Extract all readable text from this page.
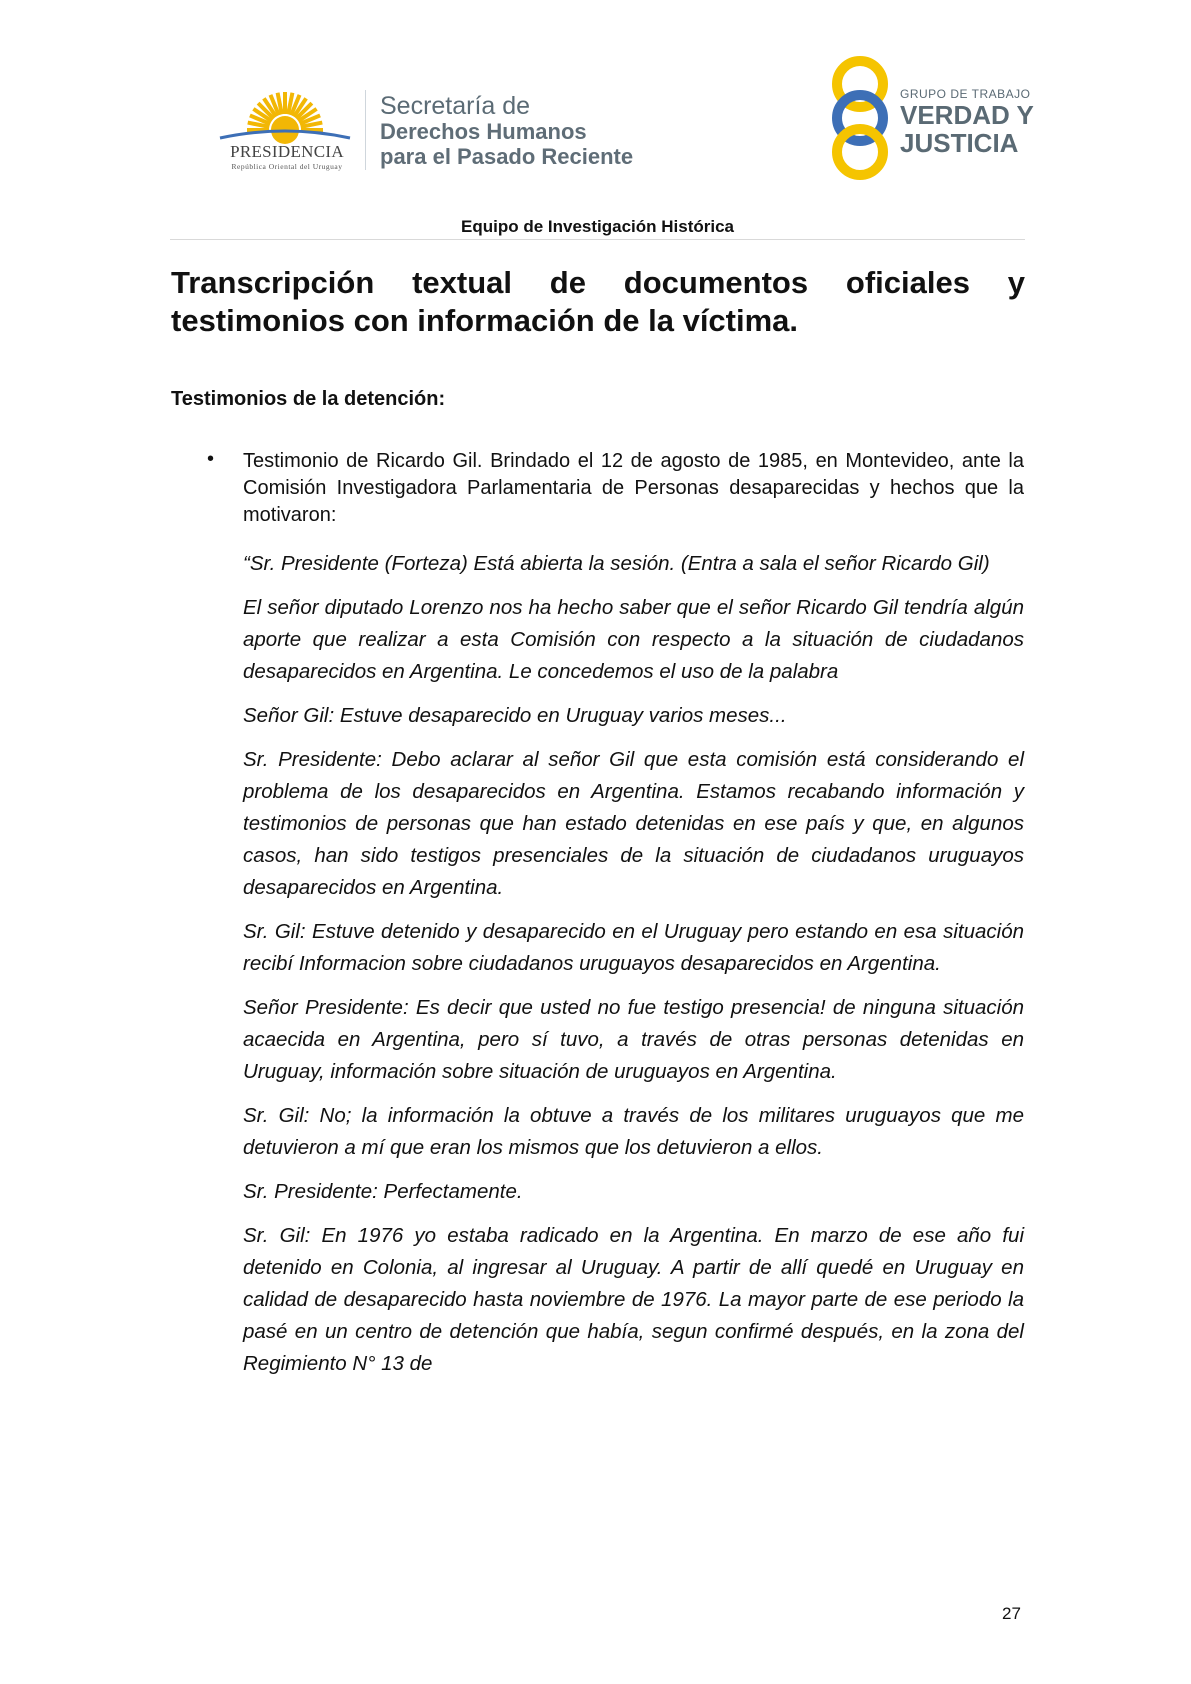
PRESIDENCIA
República Oriental del Uruguay
Secretaría de
Derechos Humanos
para el Pasado Reciente
GRUPO DE TRABAJO
VERDAD Y
JUSTICIA
Equipo de Investigación Histórica
Transcripción textual de documentos oficiales y testimonios con información de la víctima.
Testimonios de la detención:
• Testimonio de Ricardo Gil. Brindado el 12 de agosto de 1985, en Montevideo, ante la Comisión Investigadora Parlamentaria de Personas desaparecidas y hechos que la motivaron:

“Sr. Presidente (Forteza) Está abierta la sesión. (Entra a sala el señor Ricardo Gil)

El señor diputado Lorenzo nos ha hecho saber que el señor Ricardo Gil tendría algún aporte que realizar a esta Comisión con respecto a la situación de ciudadanos desaparecidos en Argentina. Le concedemos el uso de la palabra

Señor Gil: Estuve desaparecido en Uruguay varios meses...

Sr. Presidente: Debo aclarar al señor Gil que esta comisión está considerando el problema de los desaparecidos en Argentina. Estamos recabando información y testimonios de personas que han estado detenidas en ese país y que, en algunos casos, han sido testigos presenciales de la situación de ciudadanos uruguayos desaparecidos en Argentina.

Sr. Gil: Estuve detenido y desaparecido en el Uruguay pero estando en esa situación recibí Informacion sobre ciudadanos uruguayos desaparecidos en Argentina.

Señor Presidente: Es decir que usted no fue testigo presencia! de ninguna situación acaecida en Argentina, pero sí tuvo, a través de otras personas detenidas en Uruguay, información sobre situación de uruguayos en Argentina.

Sr. Gil: No; la información la obtuve a través de los militares uruguayos que me detuvieron a mí que eran los mismos que los detuvieron a ellos.

Sr. Presidente: Perfectamente.

Sr. Gil: En 1976 yo estaba radicado en la Argentina. En marzo de ese año fui detenido en Colonia, al ingresar al Uruguay. A partir de allí quedé en Uruguay en calidad de desaparecido hasta noviembre de 1976. La mayor parte de ese periodo la pasé en un centro de detención que había, segun confirmé después, en la zona del Regimiento N° 13 de

27
